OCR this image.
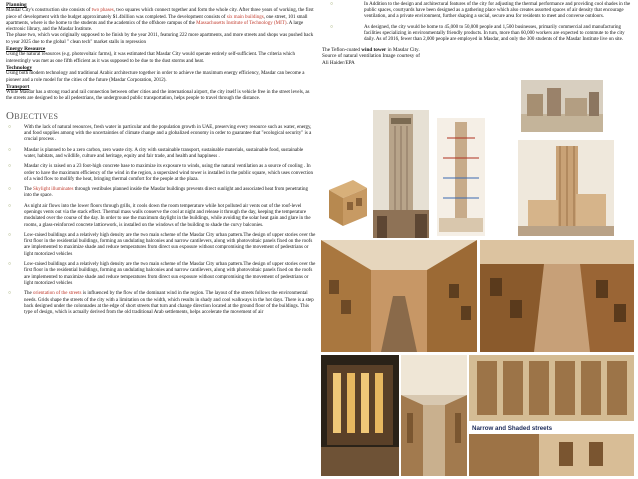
Planning

Masdar City's construction site consists of two phases, two squares which connect together and form the whole city. After three years of working, the first piece of development with the budget approximately $1.4billion was completed. The development consists of six main buildings, one street, 101 small apartments, where is the home to the students and the academics of the offshore campus of the Massachusetts Institute of Technology (MIT). A large electronic library, and the Masdar Institute.

The phase two, which was originally supposed to be finish by the year 2011, featuring 222 more apartments, and more streets and shops was pushed back to year 2025 due to the global " clean tech" market stalls in repression

Energy Resource

Using the natural resources (e.g. photovoltaic farms), it was estimated that Masdar City would operate entirely self-sufficient. The criteria which interestingly was met as one fifth efficient as it was supposed to be due to the dust storms and heat.

Technology

Using both modern technology and traditional Arabic architecture together in order to achieve the maximum energy efficiency, Masdar can become a pioneer and a role model for the cities of the future (Masdar Corporation, 2012).

Transport

While Masdar has a strong road and rail connection between other cities and the international airport, the city itself is vehicle free in the street levels, as the streets are designed to be all pedestrians, the underground public transportation, helps people to travel through the distance.

Objectives
○	With the lack of natural resources, fresh water in particular and the population growth in UAE, preserving every resource such as water, energy, and food supplies among with the uncertainties of climate change and a globalized economy in order to guarantee that "ecological security" is a crucial process .
○	Masdar is planned to be a zero carbon, zero waste city. A city with sustainable transport, sustainable materials, sustainable food, sustainable water, habitats, and wildlife, culture and heritage, equity and fair trade, and health and happiness .
○	Masdar city is raised on a 23 foot-high concrete base to maximize its exposure to winds, using the natural ventilation as a source of cooling . In order to have the maximum efficiency of the wind in the region, a supersized wind tower is installed in the public square, which uses convection of a wind flow to mollify the heat, bringing thermal comfort for the people at the plaza.
○	The Skylight illuminates through vestibules planned inside the Masdar buildings prevents direct sunlight and associated heat from penetrating into the space.
○	As night air flows into the lower floors through grills, it cools down the room temperature while hot polluted air vents out of the roof-level openings vents out via the stack effect. Thermal mass walls conserve the cool at night and release it through the day, keeping the temperature modulated over the course of the day. In order to use the maximum daylight in the buildings, while avoiding the solar heat gain and glare in the rooms, a glass-reinforced concrete latticework, is installed on the windows of the building to shade the curvy balconies.
○	Low-raised buildings and a relatively high density are the two main scheme of the Masdar City urban pattern.The design of upper stories over the first floor in the residential buildings, forming an undulating balconies and narrow cantilevers, along with photovoltaic panels fixed on the roofs are implemented to maximize shade and reduce temperatures from direct sun exposure without compromising the movement of pedestrians or light motorized vehicles
○	Low-raised buildings and a relatively high density are the two main scheme of the Masdar City urban pattern.The design of upper stories over the first floor in the residential buildings, forming an undulating balconies and narrow cantilevers, along with photovoltaic panels fixed on the roofs are implemented to maximize shade and reduce temperatures from direct sun exposure without compromising the movement of pedestrians or light motorized vehicles
○	The orientation of the streets is influenced by the flow of the dominant wind in the region. The layout of the streets follows the environmental needs. Grids shape the streets of the city with a limitation on the width, which results in shady and cool walkways in the hot days. There is a step back designed under the colonnades at the edge of short streets that turn and change direction located at the ground floor of the buildings. This type of design, which is actually derived from the old traditional Arab settlements, helps accelerate the movement of air
○	In Addition to the design and architectural features of the city for adjusting the thermal performance and providing cool shades in the public spaces, courtyards have been designed as a gathering place which also creates assorted spaces of air density that encourage ventilation, and a private environment, further shaping a social, secure area for residents to meet and converse outdoors.
○	As designed, the city would be home to 45,000 to 50,000 people and 1,500 businesses, primarily commercial and manufacturing facilities specializing in environmentally friendly products. In turn, more than 60,000 workers are expected to commute to the city daily. As of 2016, fewer than 2,000 people are employed in Masdar, and only the 300 students of the Masdar Institute live on site.
The Teflon-coated wind tower in Masdar City.
Source of natural ventilation Image courtesy of
Ali Haider/EPA
Narrow and Shaded streets
